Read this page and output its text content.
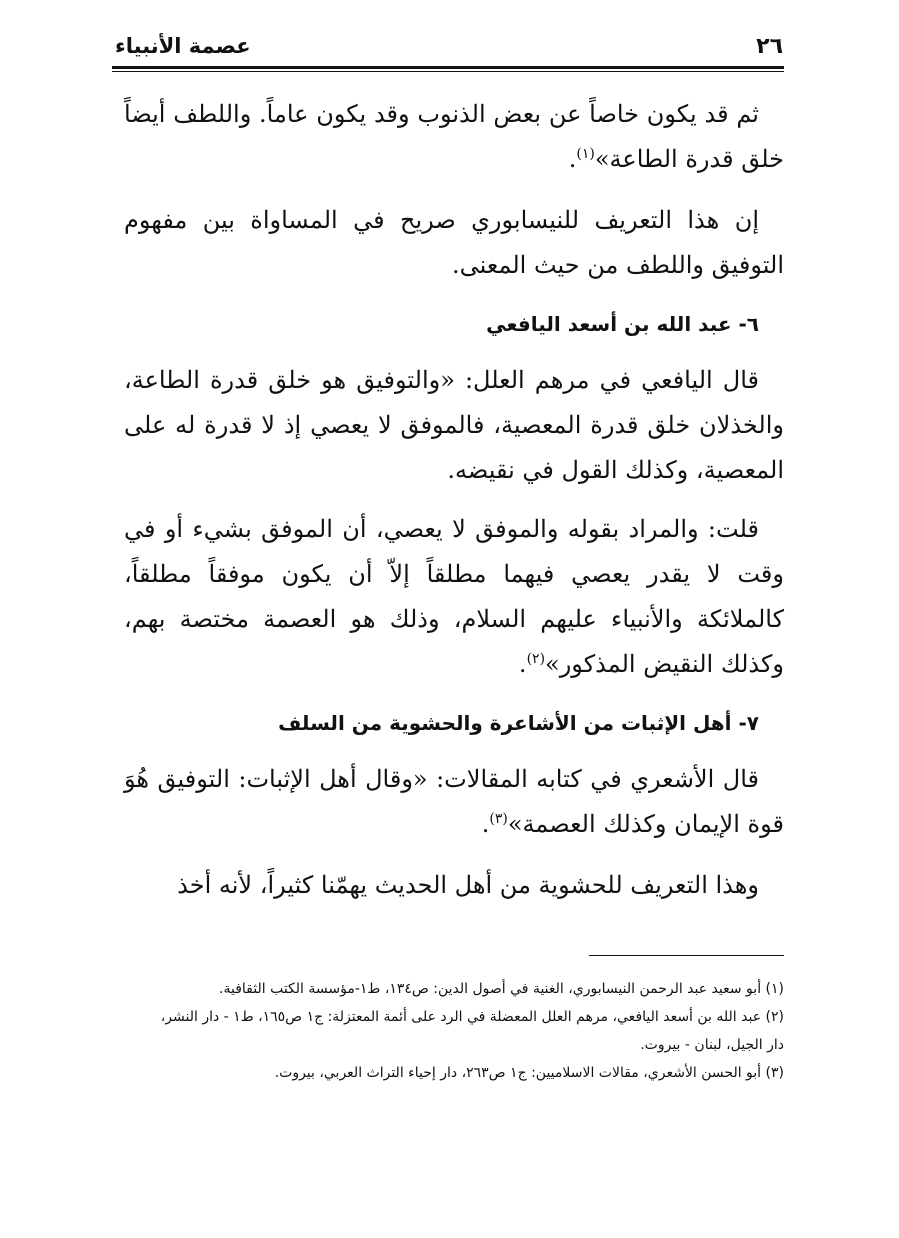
٢٦
عصمة الأنبياء

ثم قد يكون خاصاً عن بعض الذنوب وقد يكون عاماً. واللطف أيضاً خلق قدرة الطاعة»$^{(١)}$.

إن هذا التعريف للنيسابوري صريح في المساواة بين مفهوم التوفيق واللطف من حيث المعنى.

٦- عبد الله بن أسعد اليافعي

قال اليافعي في مرهم العلل: «والتوفيق هو خلق قدرة الطاعة، والخذلان خلق قدرة المعصية، فالموفق لا يعصي إذ لا قدرة له على المعصية، وكذلك القول في نقيضه.

قلت: والمراد بقوله والموفق لا يعصي، أن الموفق بشيء أو في وقت لا يقدر يعصي فيهما مطلقاً إلاّ أن يكون موفقاً مطلقاً، كالملائكة والأنبياء عليهم السلام، وذلك هو العصمة مختصة بهم، وكذلك النقيض المذكور»$^{(٢)}$.

٧- أهل الإثبات من الأشاعرة والحشوية من السلف

قال الأشعري في كتابه المقالات: «وقال أهل الإثبات: التوفيق هُوَ قوة الإيمان وكذلك العصمة»$^{(٣)}$.

وهذا التعريف للحشوية من أهل الحديث يهمّنا كثيراً، لأنه أخذ

(١) أبو سعيد عبد الرحمن النيسابوري، الغنية في أصول الدين: ص١٣٤، ط١-مؤسسة الكتب الثقافية.

(٢) عبد الله بن أسعد اليافعي، مرهم العلل المعضلة في الرد على أئمة المعتزلة: ج١ ص١٦٥، ط١ - دار النشر، دار الجيل، لبنان - بيروت.

(٣) أبو الحسن الأشعري، مقالات الاسلاميين: ج١ ص٢٦٣، دار إحياء التراث العربي، بيروت.
